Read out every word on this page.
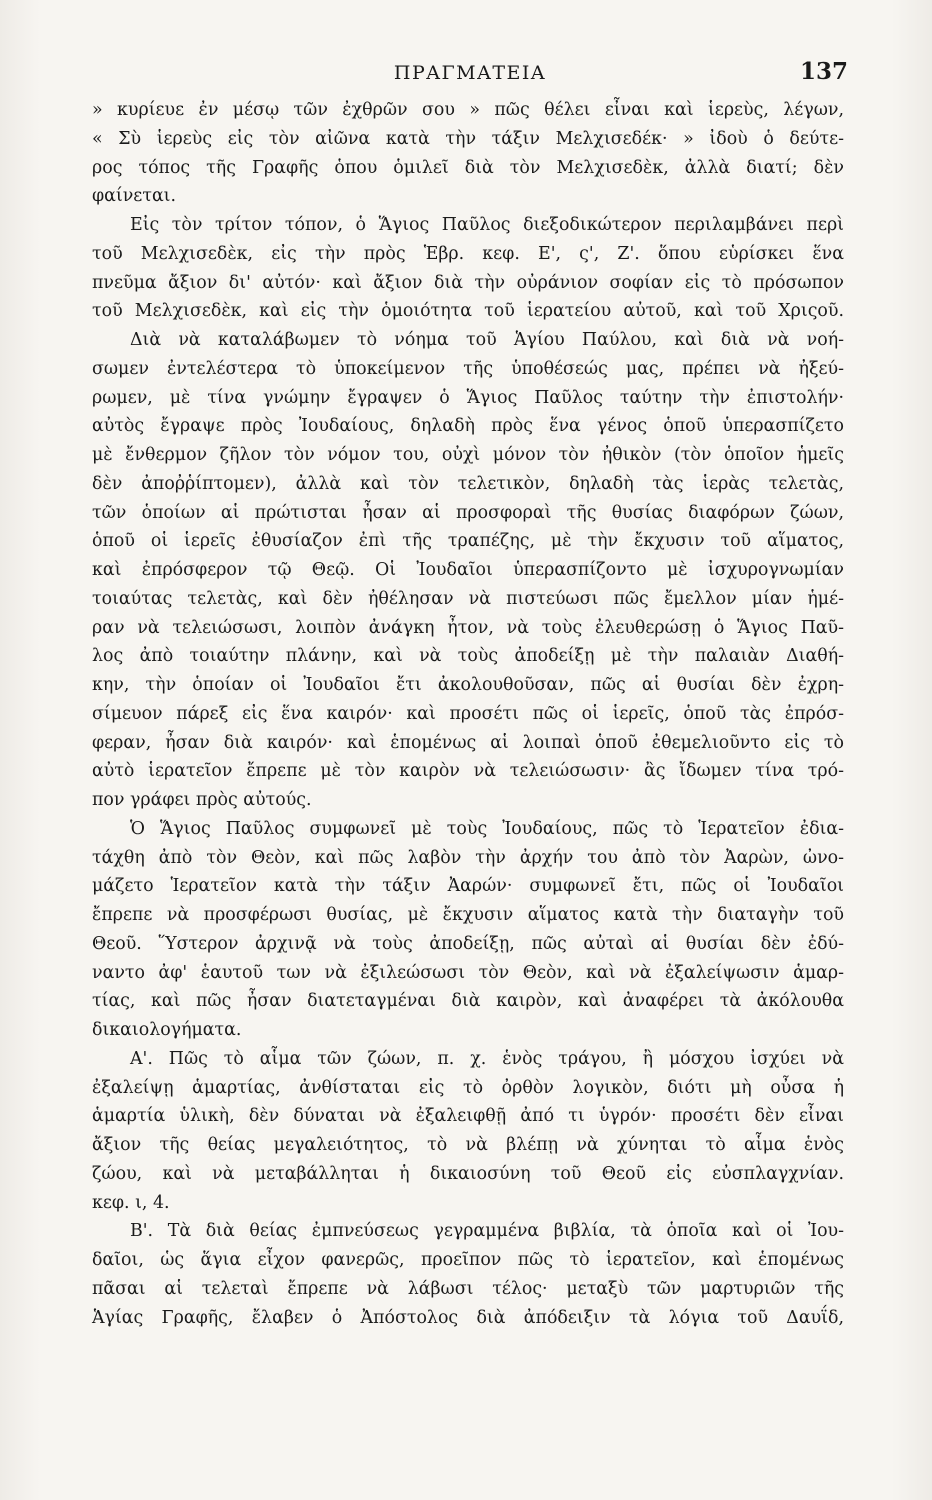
ΠΡΑΓΜΑΤΕΙΑ	137
» κυρίευε ἐν μέσῳ τῶν ἐχθρῶν σου » πῶς θέλει εἶναι καὶ ἱερεὺς, λέγων,
« Σὺ ἱερεὺς εἰς τὸν αἰῶνα κατὰ τὴν τάξιν Μελχισεδέκ· » ἰδοὺ ὁ δεύτε-
ρος τόπος τῆς Γραφῆς ὁπου ὁμιλεῖ διὰ τὸν Μελχισεδὲκ, ἀλλὰ διατί; δὲν
φαίνεται.
Εἰς τὸν τρίτον τόπον, ὁ Ἅγιος Παῦλος διεξοδικώτερον περιλαμβάνει περὶ
τοῦ Μελχισεδὲκ, εἰς τὴν πρὸς Ἑβρ. κεφ. Ε', ς', Ζ'. ὅπου εὑρίσκει ἕνα
πνεῦμα ἄξιον δι' αὐτόν· καὶ ἄξιον διὰ τὴν οὐράνιον σοφίαν εἰς τὸ πρόσωπον
τοῦ Μελχισεδὲκ, καὶ εἰς τὴν ὁμοιότητα τοῦ ἱερατείου αὐτοῦ, καὶ τοῦ Χριςοῦ.
Διὰ νὰ καταλάβωμεν τὸ νόημα τοῦ Ἁγίου Παύλου, καὶ διὰ νὰ νοή-
σωμεν ἐντελέστερα τὸ ὑποκείμενον τῆς ὑποθέσεώς μας, πρέπει νὰ ἠξεύ-
ρωμεν, μὲ τίνα γνώμην ἔγραψεν ὁ Ἅγιος Παῦλος ταύτην τὴν ἐπιστολήν·
αὐτὸς ἔγραψε πρὸς Ἰουδαίους, δηλαδὴ πρὸς ἕνα γένος ὁποῦ ὑπερασπίζετο
μὲ ἔνθερμον ζῆλον τὸν νόμον του, οὐχὶ μόνον τὸν ἠθικὸν (τὸν ὁποῖον ἡμεῖς
δὲν ἀποῤῥίπτομεν), ἀλλὰ καὶ τὸν τελετικὸν, δηλαδὴ τὰς ἱερὰς τελετὰς,
τῶν ὁποίων αἱ πρώτισται ἦσαν αἱ προσφοραὶ τῆς θυσίας διαφόρων ζώων,
ὁποῦ οἱ ἱερεῖς ἐθυσίαζον ἐπὶ τῆς τραπέζης, μὲ τὴν ἔκχυσιν τοῦ αἵματος,
καὶ ἐπρόσφερον τῷ Θεῷ. Οἱ Ἰουδαῖοι ὑπερασπίζοντο μὲ ἰσχυρογνωμίαν
τοιαύτας τελετὰς, καὶ δὲν ἠθέλησαν νὰ πιστεύωσι πῶς ἔμελλον μίαν ἡμέ-
ραν νὰ τελειώσωσι, λοιπὸν ἀνάγκη ἦτον, νὰ τοὺς ἐλευθερώσῃ ὁ Ἅγιος Παῦ-
λος ἀπὸ τοιαύτην πλάνην, καὶ νὰ τοὺς ἀποδείξῃ μὲ τὴν παλαιὰν Διαθή-
κην, τὴν ὁποίαν οἱ Ἰουδαῖοι ἔτι ἀκολουθοῦσαν, πῶς αἱ θυσίαι δὲν ἐχρη-
σίμευον πάρεξ εἰς ἕνα καιρόν· καὶ προσέτι πῶς οἱ ἱερεῖς, ὁποῦ τὰς ἐπρόσ-
φεραν, ἦσαν διὰ καιρόν· καὶ ἑπομένως αἱ λοιπαὶ ὁποῦ ἐθεμελιοῦντο εἰς τὸ
αὐτὸ ἱερατεῖον ἔπρεπε μὲ τὸν καιρὸν νὰ τελειώσωσιν· ἂς ἴδωμεν τίνα τρό-
πον γράφει πρὸς αὐτούς.
Ὁ Ἅγιος Παῦλος συμφωνεῖ μὲ τοὺς Ἰουδαίους, πῶς τὸ Ἱερατεῖον ἐδια-
τάχθη ἀπὸ τὸν Θεὸν, καὶ πῶς λαβὸν τὴν ἀρχήν του ἀπὸ τὸν Ἀαρὼν, ὠνο-
μάζετο Ἱερατεῖον κατὰ τὴν τάξιν Ἀαρών· συμφωνεῖ ἔτι, πῶς οἱ Ἰουδαῖοι
ἔπρεπε νὰ προσφέρωσι θυσίας, μὲ ἔκχυσιν αἵματος κατὰ τὴν διαταγὴν τοῦ
Θεοῦ. Ὕστερον ἀρχινᾷ νὰ τοὺς ἀποδείξῃ, πῶς αὐταὶ αἱ θυσίαι δὲν ἐδύ-
ναντο ἀφ' ἑαυτοῦ των νὰ ἐξιλεώσωσι τὸν Θεὸν, καὶ νὰ ἐξαλείψωσιν ἁμαρ-
τίας, καὶ πῶς ἦσαν διατεταγμέναι διὰ καιρὸν, καὶ ἀναφέρει τὰ ἀκόλουθα
δικαιολογήματα.
Α'. Πῶς τὸ αἷμα τῶν ζώων, π. χ. ἑνὸς τράγου, ἢ μόσχου ἰσχύει νὰ
ἐξαλείψῃ ἁμαρτίας, ἀνθίσταται εἰς τὸ ὀρθὸν λογικὸν, διότι μὴ οὖσα ἡ
ἁμαρτία ὑλικὴ, δὲν δύναται νὰ ἐξαλειφθῇ ἀπό τι ὑγρόν· προσέτι δὲν εἶναι
ἄξιον τῆς θείας μεγαλειότητος, τὸ νὰ βλέπῃ νὰ χύνηται τὸ αἷμα ἑνὸς
ζώου, καὶ νὰ μεταβάλληται ἡ δικαιοσύνη τοῦ Θεοῦ εἰς εὐσπλαγχνίαν.
κεφ. ι, 4.
Β'. Τὰ διὰ θείας ἐμπνεύσεως γεγραμμένα βιβλία, τὰ ὁποῖα καὶ οἱ Ἰου-
δαῖοι, ὡς ἅγια εἶχον φανερῶς, προεῖπον πῶς τὸ ἱερατεῖον, καὶ ἑπομένως
πᾶσαι αἱ τελεταὶ ἔπρεπε νὰ λάβωσι τέλος· μεταξὺ τῶν μαρτυριῶν τῆς
Ἁγίας Γραφῆς, ἔλαβεν ὁ Ἀπόστολος διὰ ἀπόδειξιν τὰ λόγια τοῦ Δαυΐδ,
